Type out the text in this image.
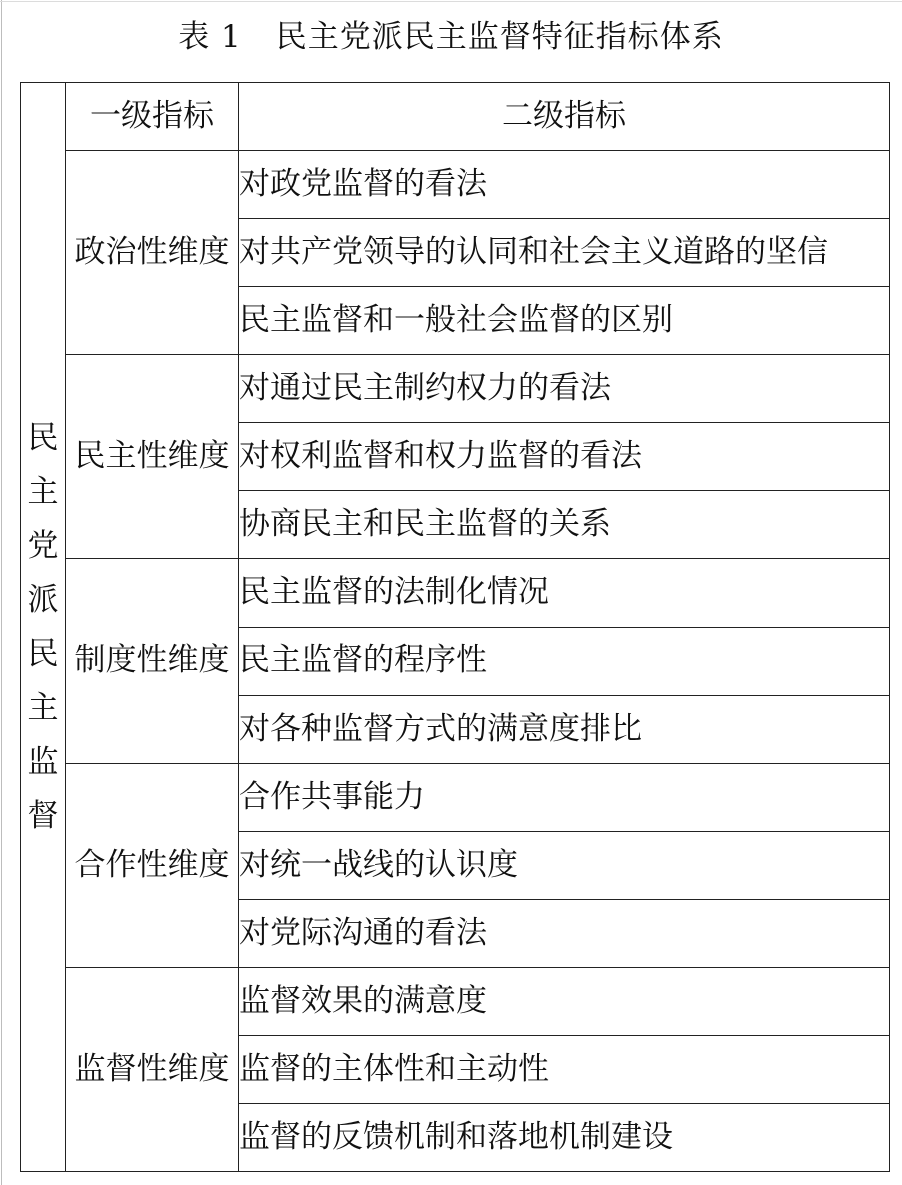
表 1 民主党派民主监督特征指标体系
民主党派民主监督	一级指标	二级指标
	政治性维度	对政党监督的看法
		对共产党领导的认同和社会主义道路的坚信
		民主监督和一般社会监督的区别
	民主性维度	对通过民主制约权力的看法
		对权利监督和权力监督的看法
		协商民主和民主监督的关系
	制度性维度	民主监督的法制化情况
		民主监督的程序性
		对各种监督方式的满意度排比
	合作性维度	合作共事能力
		对统一战线的认识度
		对党际沟通的看法
	监督性维度	监督效果的满意度
		监督的主体性和主动性
		监督的反馈机制和落地机制建设
